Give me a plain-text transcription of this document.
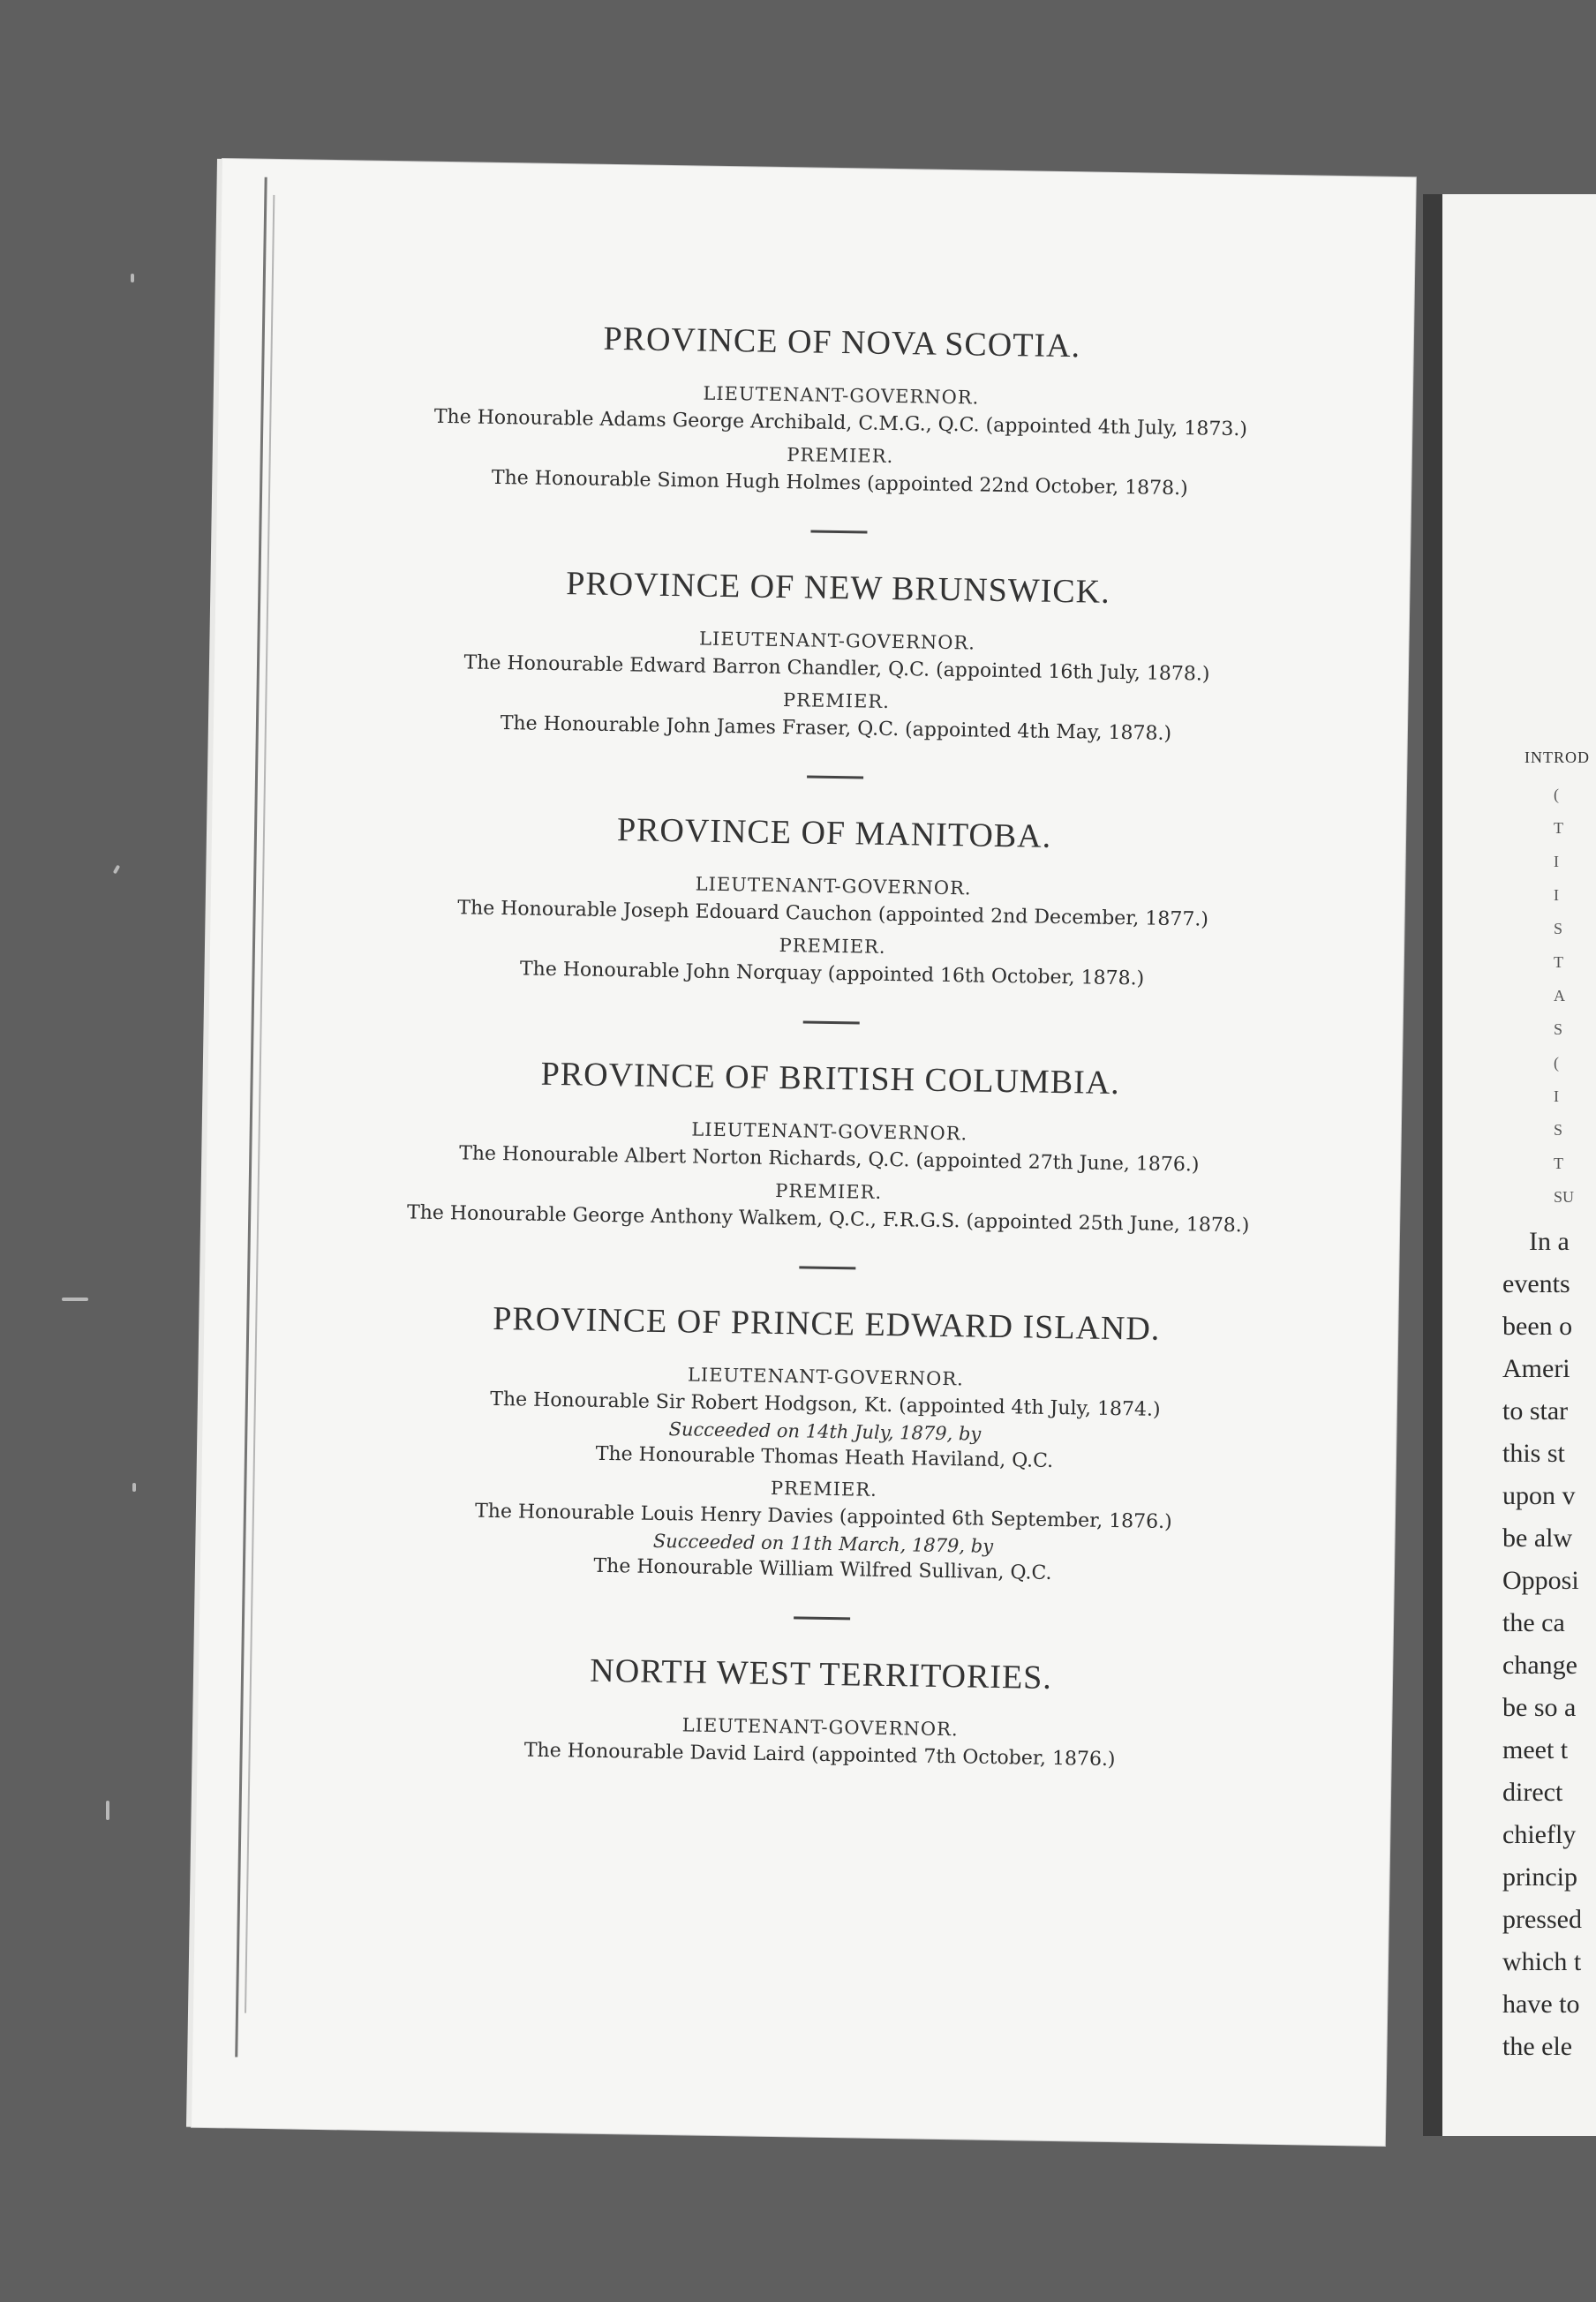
PROVINCE OF NOVA SCOTIA.
LIEUTENANT-GOVERNOR.
The Honourable Adams George Archibald, C.M.G., Q.C. (appointed 4th July, 1873.)
PREMIER.
The Honourable Simon Hugh Holmes (appointed 22nd October, 1878.)
PROVINCE OF NEW BRUNSWICK.
LIEUTENANT-GOVERNOR.
The Honourable Edward Barron Chandler, Q.C. (appointed 16th July, 1878.)
PREMIER.
The Honourable John James Fraser, Q.C. (appointed 4th May, 1878.)
PROVINCE OF MANITOBA.
LIEUTENANT-GOVERNOR.
The Honourable Joseph Edouard Cauchon (appointed 2nd December, 1877.)
PREMIER.
The Honourable John Norquay (appointed 16th October, 1878.)
PROVINCE OF BRITISH COLUMBIA.
LIEUTENANT-GOVERNOR.
The Honourable Albert Norton Richards, Q.C. (appointed 27th June, 1876.)
PREMIER.
The Honourable George Anthony Walkem, Q.C., F.R.G.S. (appointed 25th June, 1878.)
PROVINCE OF PRINCE EDWARD ISLAND.
LIEUTENANT-GOVERNOR.
The Honourable Sir Robert Hodgson, Kt. (appointed 4th July, 1874.)
Succeeded on 14th July, 1879, by
The Honourable Thomas Heath Haviland, Q.C.
PREMIER.
The Honourable Louis Henry Davies (appointed 6th September, 1876.)
Succeeded on 11th March, 1879, by
The Honourable William Wilfred Sullivan, Q.C.
NORTH WEST TERRITORIES.
LIEUTENANT-GOVERNOR.
The Honourable David Laird (appointed 7th October, 1876.)
INTROD
(
T
I
I
S
T
A
S
(
I
S
T
SU
In a
events
been o
Ameri
to star
this st
upon v
be alw
Opposi
the ca
change
be so a
meet t
direct
chiefly
princip
pressed
which t
have to
the ele
